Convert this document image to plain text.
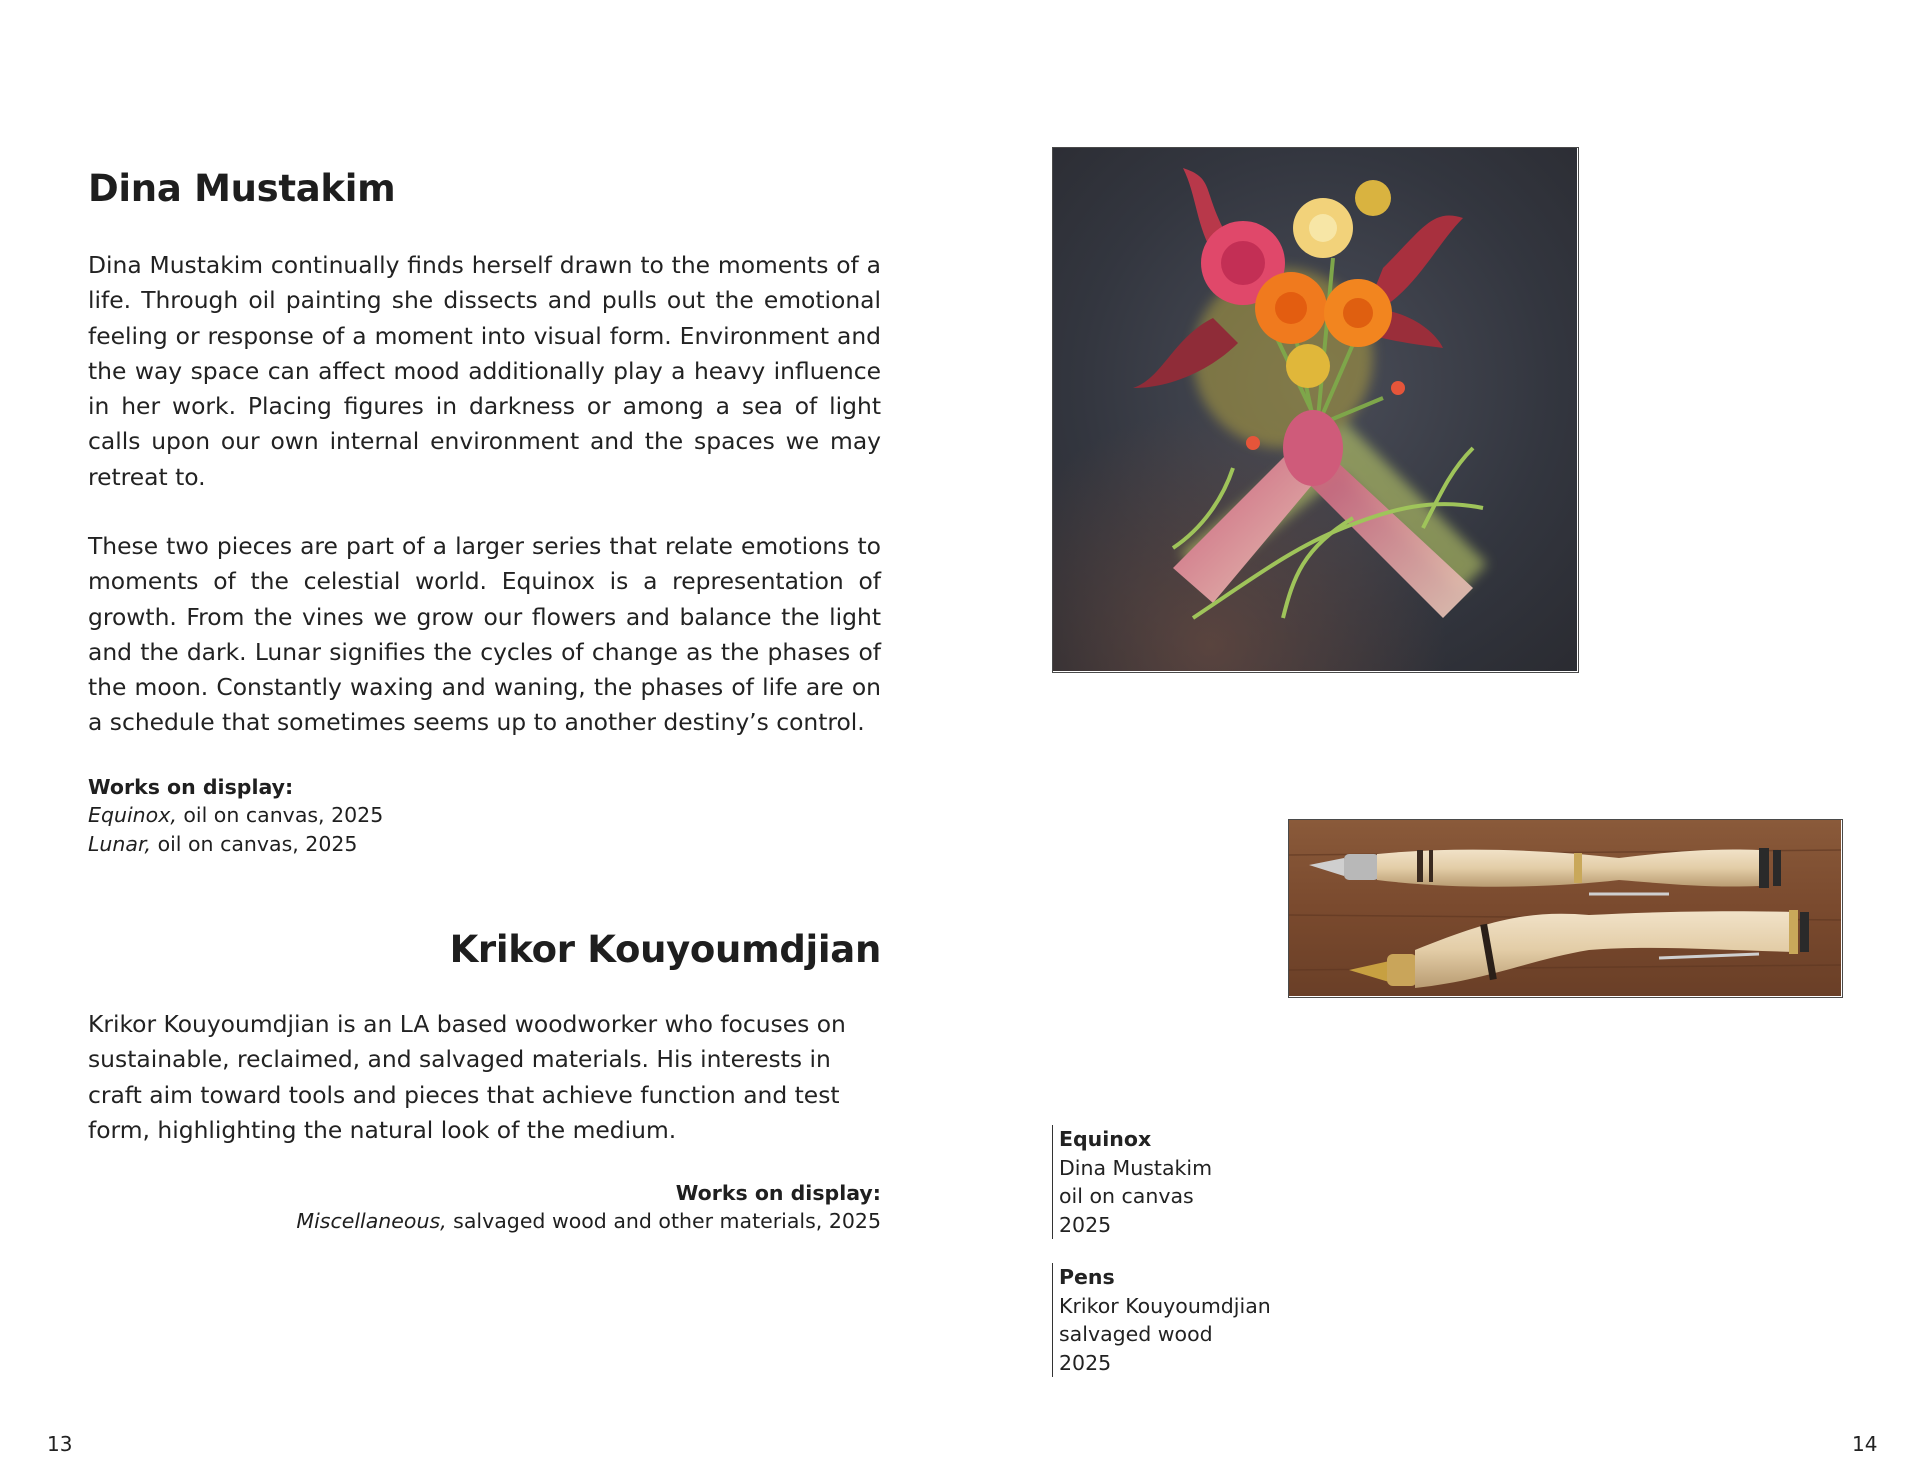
Dina Mustakim

Dina Mustakim continually finds herself drawn to the moments of a life. Through oil painting she dissects and pulls out the emotional feeling or response of a moment into visual form. Environment and the way space can affect mood additionally play a heavy influence in her work. Placing figures in darkness or among a sea of light calls upon our own internal environment and the spaces we may retreat to.

These two pieces are part of a larger series that relate emotions to moments of the celestial world. Equinox is a representation of growth. From the vines we grow our flowers and balance the light and the dark. Lunar signifies the cycles of change as the phases of the moon. Constantly waxing and waning, the phases of life are on a schedule that sometimes seems up to another destiny’s control.

Works on display:
Equinox, oil on canvas, 2025
Lunar, oil on canvas, 2025
Krikor Kouyoumdjian

Krikor Kouyoumdjian is an LA based woodworker who focuses on sustainable, reclaimed, and salvaged materials. His interests in craft aim toward tools and pieces that achieve function and test form, highlighting the natural look of the medium.

Works on display:
Miscellaneous, salvaged wood and other materials, 2025
13
Equinox
Dina Mustakim
oil on canvas
2025
Pens
Krikor Kouyoumdjian
salvaged wood
2025
14
